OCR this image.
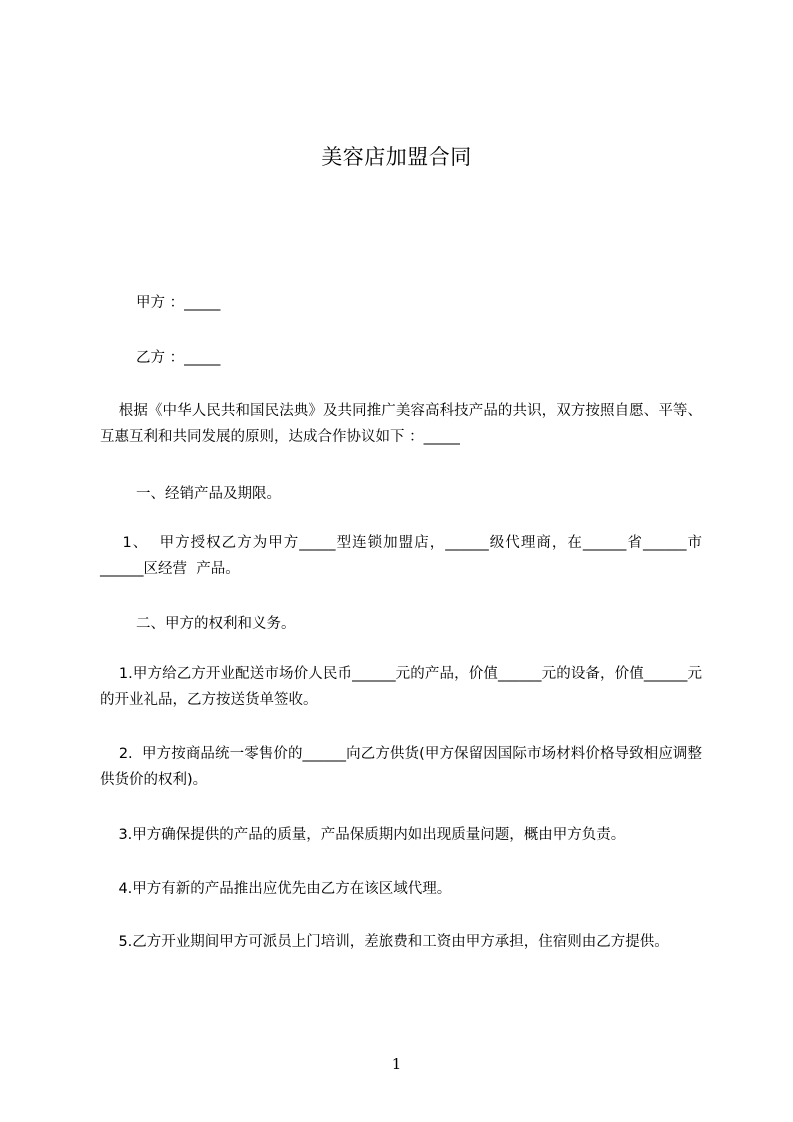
美容店加盟合同
甲方 ：_____
乙方 ：_____
根据《中华人民共和国民法典》及共同推广美容高科技产品的共识，双方按照自愿、平等、互惠互利和共同发展的原则，达成合作协议如下 ：_____
一、经销产品及期限。
1、  甲方授权乙方为甲方_____型连锁加盟店，______级代理商，在______省______市______区经营  产品。
二、甲方的权利和义务。
1.甲方给乙方开业配送市场价人民币______元的产品，价值______元的设备，价值______元的开业礼品，乙方按送货单签收。
2.  甲方按商品统一零售价的______向乙方供货(甲方保留因国际市场材料价格导致相应调整供货价的权利)。
3.甲方确保提供的产品的质量，产品保质期内如出现质量问题，概由甲方负责。
4.甲方有新的产品推出应优先由乙方在该区域代理。
5.乙方开业期间甲方可派员上门培训，差旅费和工资由甲方承担，住宿则由乙方提供。
1
